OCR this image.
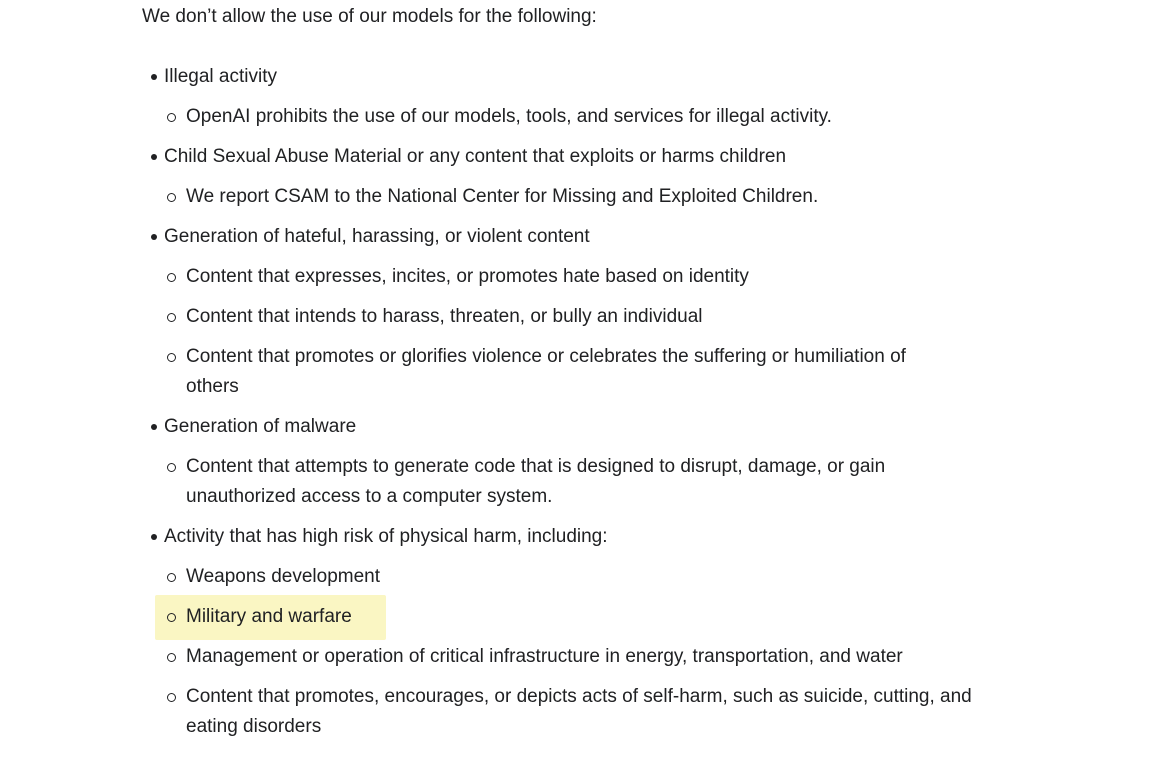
We don’t allow the use of our models for the following:

Illegal activity
OpenAI prohibits the use of our models, tools, and services for illegal activity.
Child Sexual Abuse Material or any content that exploits or harms children
We report CSAM to the National Center for Missing and Exploited Children.
Generation of hateful, harassing, or violent content
Content that expresses, incites, or promotes hate based on identity
Content that intends to harass, threaten, or bully an individual
Content that promotes or glorifies violence or celebrates the suffering or humiliation of others
Generation of malware
Content that attempts to generate code that is designed to disrupt, damage, or gain unauthorized access to a computer system.
Activity that has high risk of physical harm, including:
Weapons development
Military and warfare
Management or operation of critical infrastructure in energy, transportation, and water
Content that promotes, encourages, or depicts acts of self-harm, such as suicide, cutting, and eating disorders
